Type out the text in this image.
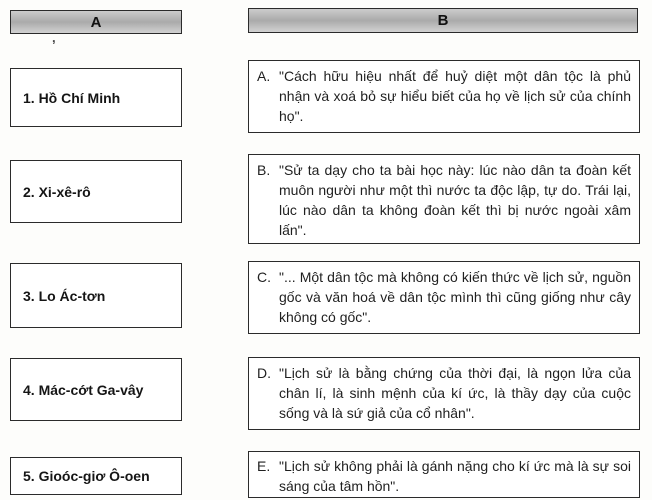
A	B
,
1. Hồ Chí Minh
2. Xi-xê-rô
3. Lo Ác-tơn
4. Mác-cớt Ga-vây
5. Gioóc-giơ Ô-oen
A. "Cách hữu hiệu nhất để huỷ diệt một dân tộc là phủ nhận và xoá bỏ sự hiểu biết của họ về lịch sử của chính họ".
B. "Sử ta dạy cho ta bài học này: lúc nào dân ta đoàn kết muôn người như một thì nước ta độc lập, tự do. Trái lại, lúc nào dân ta không đoàn kết thì bị nước ngoài xâm lấn".
C. "... Một dân tộc mà không có kiến thức về lịch sử, nguồn gốc và văn hoá về dân tộc mình thì cũng giống như cây không có gốc".
D. "Lịch sử là bằng chứng của thời đại, là ngọn lửa của chân lí, là sinh mệnh của kí ức, là thầy dạy của cuộc sống và là sứ giả của cổ nhân".
E. "Lịch sử không phải là gánh nặng cho kí ức mà là sự soi sáng của tâm hồn".
